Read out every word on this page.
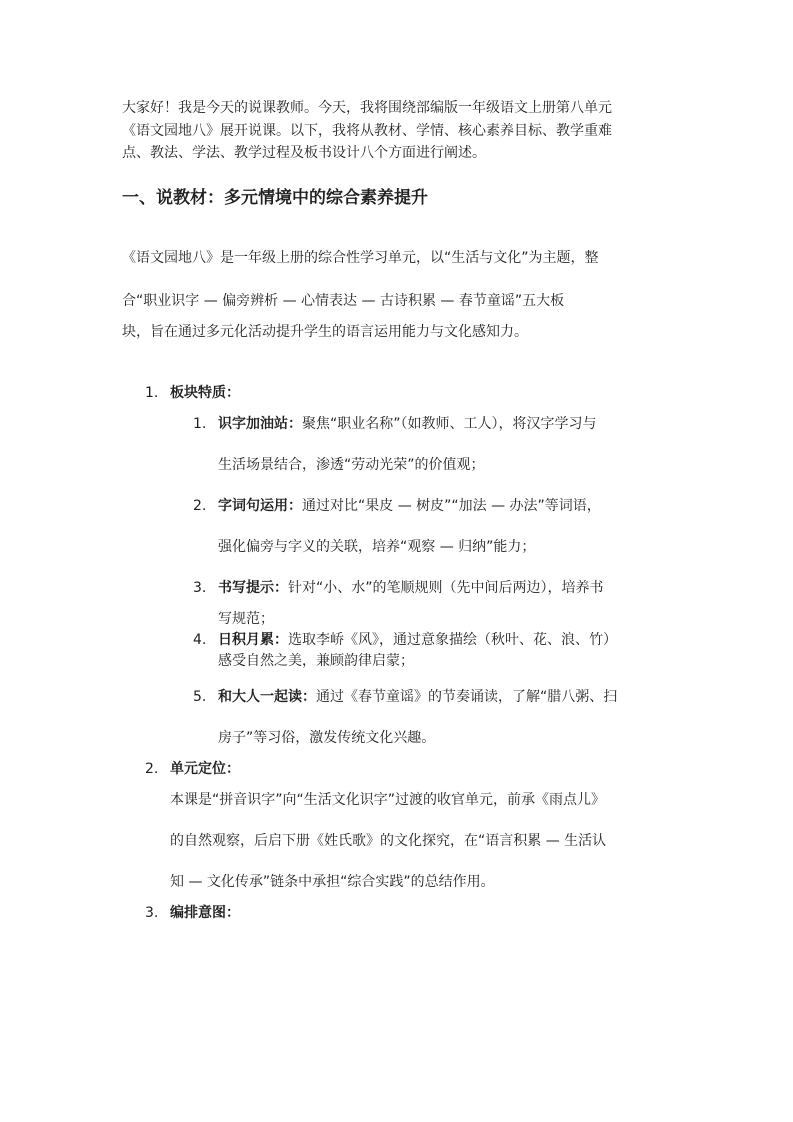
大家好！我是今天的说课教师。今天，我将围绕部编版一年级语文上册第八单元

《语文园地八》展开说课。以下，我将从教材、学情、核心素养目标、教学重难

点、教法、学法、教学过程及板书设计八个方面进行阐述。

一、说教材：多元情境中的综合素养提升

《语文园地八》是一年级上册的综合性学习单元，以“生活与文化”为主题，整

合“职业识字 — 偏旁辨析 — 心情表达 — 古诗积累 — 春节童谣”五大板

块，旨在通过多元化活动提升学生的语言运用能力与文化感知力。

1. 板块特质：
1. 识字加油站：聚焦“职业名称”（如教师、工人），将汉字学习与

生活场景结合，渗透“劳动光荣”的价值观；

2. 字词句运用：通过对比“果皮 — 树皮”“加法 — 办法”等词语，

强化偏旁与字义的关联，培养“观察 — 归纳”能力；

3. 书写提示：针对“小、水”的笔顺规则（先中间后两边），培养书

写规范；

4. 日积月累：选取李峤《风》，通过意象描绘（秋叶、花、浪、竹）

感受自然之美，兼顾韵律启蒙；

5. 和大人一起读：通过《春节童谣》的节奏诵读，了解“腊八粥、扫

房子”等习俗，激发传统文化兴趣。

2. 单元定位：

本课是“拼音识字”向“生活文化识字”过渡的收官单元，前承《雨点儿》

的自然观察，后启下册《姓氏歌》的文化探究，在“语言积累 — 生活认

知 — 文化传承”链条中承担“综合实践”的总结作用。

3. 编排意图：
